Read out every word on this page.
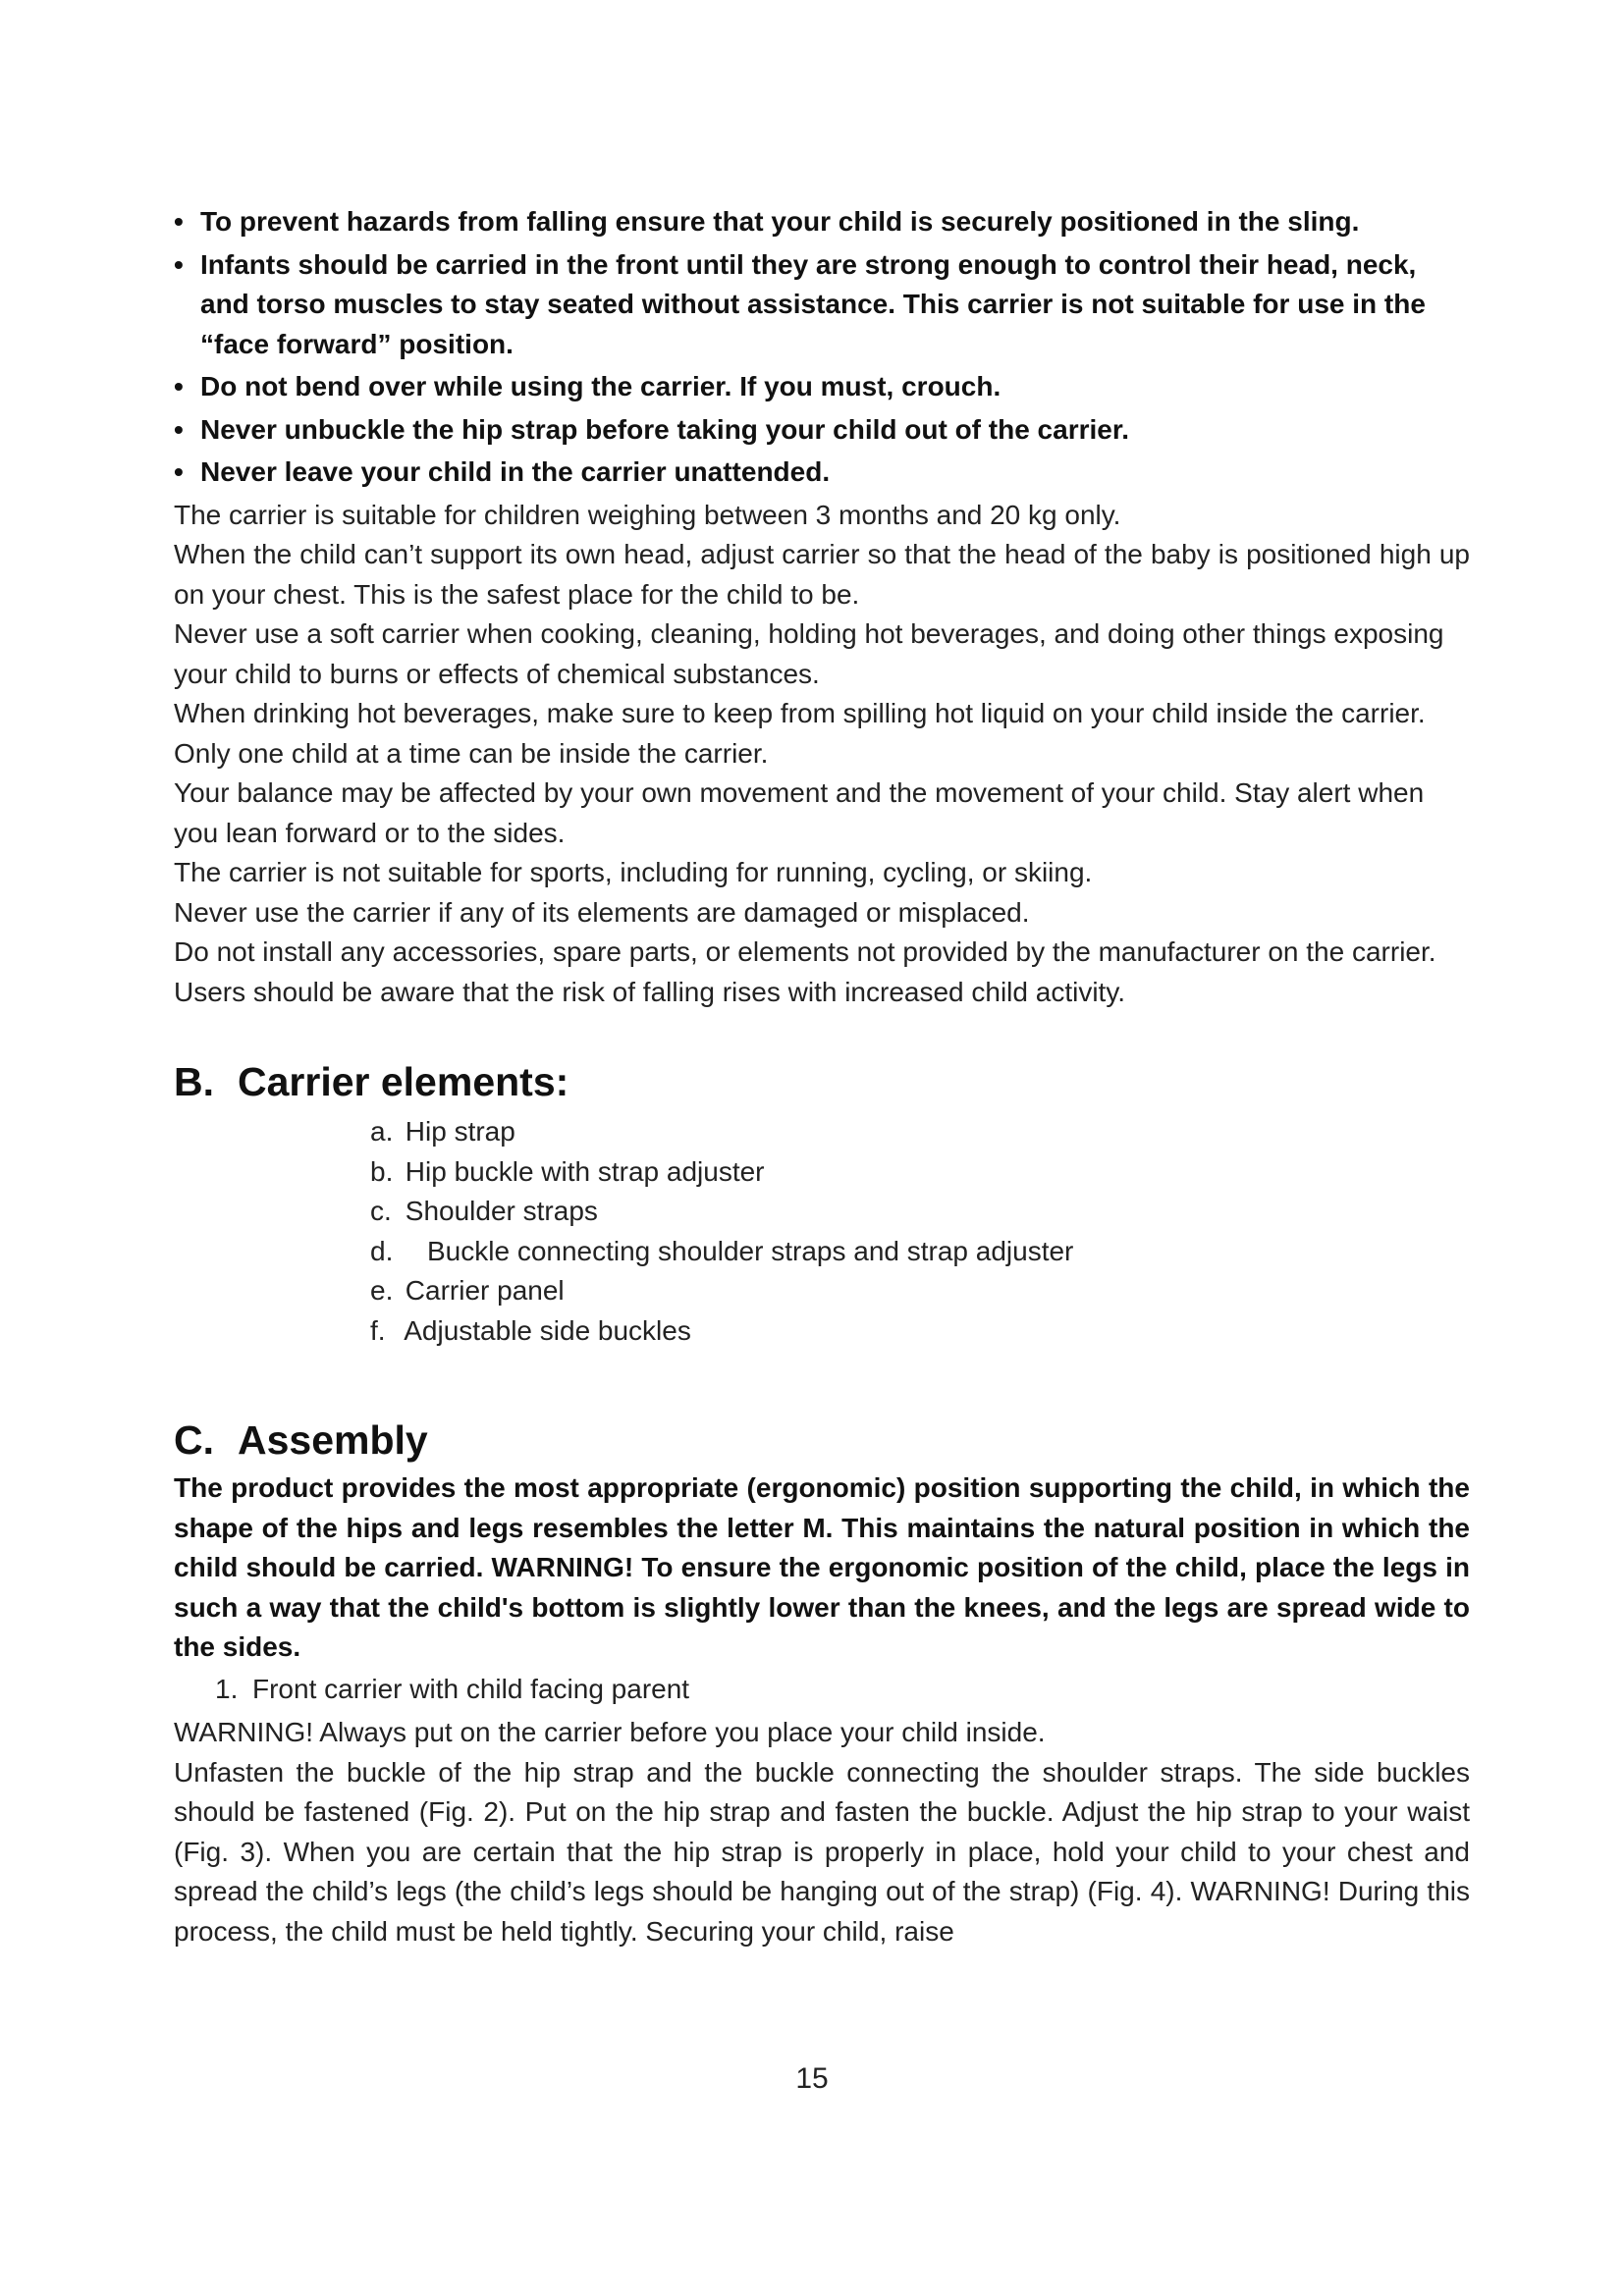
• To prevent hazards from falling ensure that your child is securely positioned in the sling.
• Infants should be carried in the front until they are strong enough to control their head, neck, and torso muscles to stay seated without assistance. This carrier is not suitable for use in the “face forward” position.
• Do not bend over while using the carrier. If you must, crouch.
• Never unbuckle the hip strap before taking your child out of the carrier.
• Never leave your child in the carrier unattended.

The carrier is suitable for children weighing between 3 months and 20 kg only.

When the child can’t support its own head, adjust carrier so that the head of the baby is positioned high up on your chest. This is the safest place for the child to be.

Never use a soft carrier when cooking, cleaning, holding hot beverages, and doing other things exposing your child to burns or effects of chemical substances.

When drinking hot beverages, make sure to keep from spilling hot liquid on your child inside the carrier.

Only one child at a time can be inside the carrier.

Your balance may be affected by your own movement and the movement of your child. Stay alert when you lean forward or to the sides.

The carrier is not suitable for sports, including for running, cycling, or skiing.

Never use the carrier if any of its elements are damaged or misplaced.

Do not install any accessories, spare parts, or elements not provided by the manufacturer on the carrier.

Users should be aware that the risk of falling rises with increased child activity.

B. Carrier elements:
a. Hip strap
b. Hip buckle with strap adjuster
c. Shoulder straps
d. Buckle connecting shoulder straps and strap adjuster
e. Carrier panel
f. Adjustable side buckles
C. Assembly

The product provides the most appropriate (ergonomic) position supporting the child, in which the shape of the hips and legs resembles the letter M. This maintains the natural position in which the child should be carried. WARNING! To ensure the ergonomic position of the child, place the legs in such a way that the child's bottom is slightly lower than the knees, and the legs are spread wide to the sides.

1. Front carrier with child facing parent

WARNING! Always put on the carrier before you place your child inside.

Unfasten the buckle of the hip strap and the buckle connecting the shoulder straps. The side buckles should be fastened (Fig. 2). Put on the hip strap and fasten the buckle. Adjust the hip strap to your waist (Fig. 3). When you are certain that the hip strap is properly in place, hold your child to your chest and spread the child’s legs (the child’s legs should be hanging out of the strap) (Fig. 4). WARNING! During this process, the child must be held tightly. Securing your child, raise

15
